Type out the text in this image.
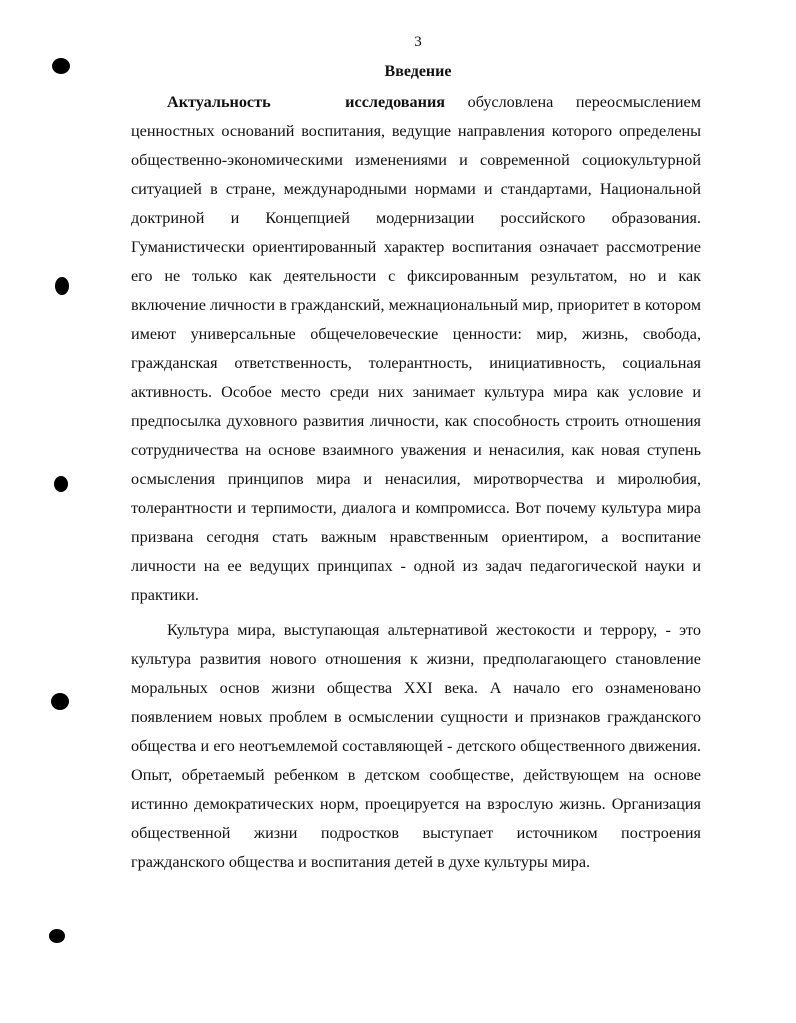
3
Введение

Актуальность исследования обусловлена переосмыслением ценностных оснований воспитания, ведущие направления которого определены общественно-экономическими изменениями и современной социокультурной ситуацией в стране, международными нормами и стандартами, Национальной доктриной и Концепцией модернизации российского образования. Гуманистически ориентированный характер воспитания означает рассмотрение его не только как деятельности с фиксированным результатом, но и как включение личности в гражданский, межнациональный мир, приоритет в котором имеют универсальные общечеловеческие ценности: мир, жизнь, свобода, гражданская ответственность, толерантность, инициативность, социальная активность. Особое место среди них занимает культура мира как условие и предпосылка духовного развития личности, как способность строить отношения сотрудничества на основе взаимного уважения и ненасилия, как новая ступень осмысления принципов мира и ненасилия, миротворчества и миролюбия, толерантности и терпимости, диалога и компромисса. Вот почему культура мира призвана сегодня стать важным нравственным ориентиром, а воспитание личности на ее ведущих принципах - одной из задач педагогической науки и практики.

Культура мира, выступающая альтернативой жестокости и террору, - это культура развития нового отношения к жизни, предполагающего становление моральных основ жизни общества XXI века. А начало его ознаменовано появлением новых проблем в осмыслении сущности и признаков гражданского общества и его неотъемлемой составляющей - детского общественного движения. Опыт, обретаемый ребенком в детском сообществе, действующем на основе истинно демократических норм, проецируется на взрослую жизнь. Организация общественной жизни подростков выступает источником построения гражданского общества и воспитания детей в духе культуры мира.
